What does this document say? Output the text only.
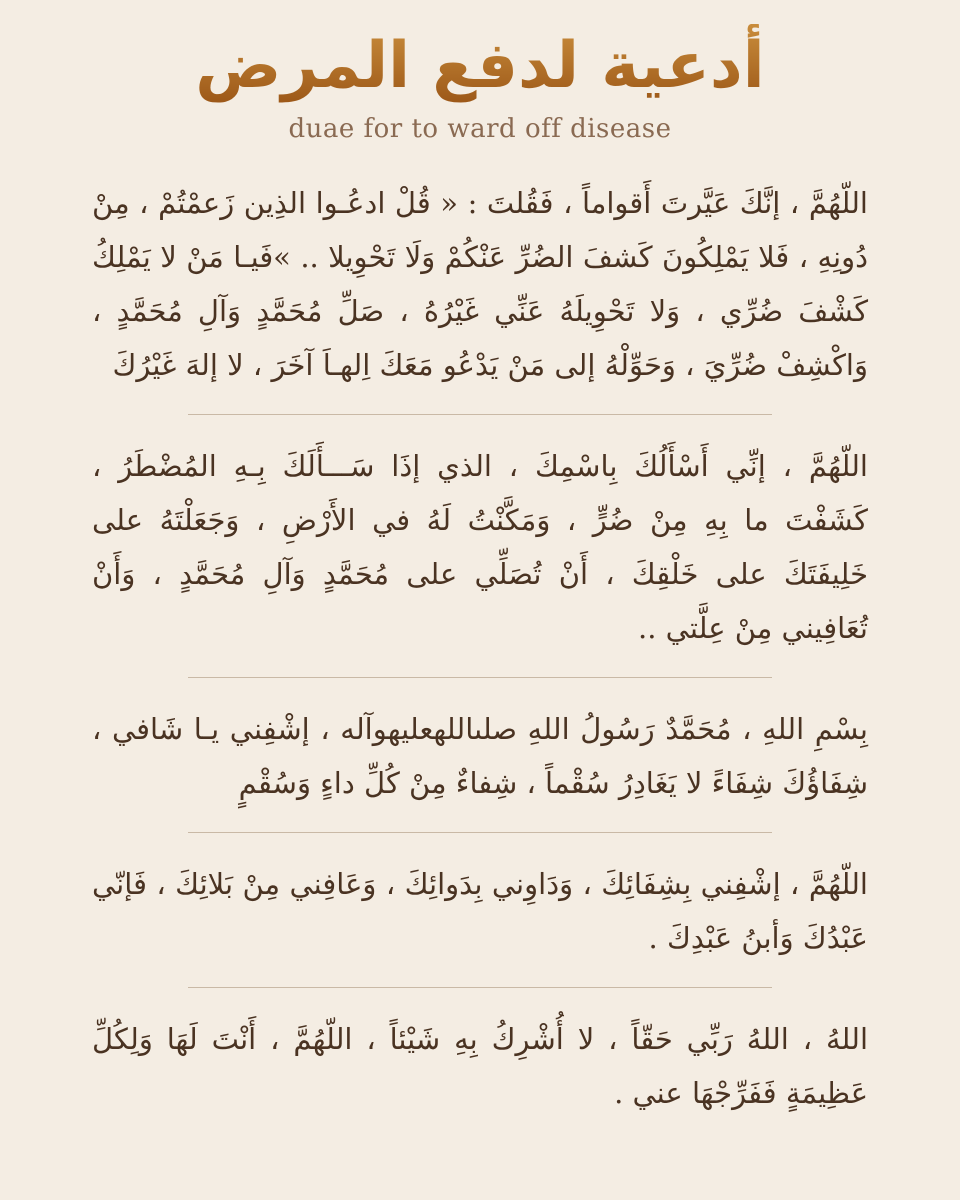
أدعية لدفع المرض
duae for to ward off disease

اللّهُمَّ ، إنَّكَ عَيَّرتَ أَقواماً ، فَقُلتَ : « قُلْ ادعُـوا الذِين زَعمْتُمْ ، مِنْ دُونِهِ ، فَلا يَمْلِكُونَ كَشفَ الضُرِّ عَنْكُمْ وَلَا تَحْوِيلا .. »فَيـا مَنْ لا يَمْلِكُ كَشْفَ ضُرِّي ، وَلا تَحْوِيلَهُ عَنِّي غَيْرُهُ ، صَلِّ مُحَمَّدٍ وَآلِ مُحَمَّدٍ ، وَاكْشِفْ ضُرِّيَ ، وَحَوِّلْهُ إلى مَنْ يَدْعُو مَعَكَ اِلهـاَ آخَرَ ، لا إلهَ غَيْرُكَ

اللّهُمَّ ، إنِّي أَسْأَلُكَ بِاسْمِكَ ، الذي إذَا سَـــأَلَكَ بِـهِ المُضْطَرُ ، كَشَفْتَ ما بِهِ مِنْ ضُرٍّ ، وَمَكَّنْتُ لَهُ في الأَرْضِ ، وَجَعَلْتَهُ على خَلِيفَتَكَ على خَلْقِكَ ، أَنْ تُصَلِّي على مُحَمَّدٍ وَآلِ مُحَمَّدٍ ، وَأَنْ تُعَافِيني مِنْ عِلَّتي ..

بِسْمِ اللهِ ، مُحَمَّدٌ رَسُولُ اللهِ صلىاللهعليهوآله ، إشْفِني يـا شَافي ، شِفَاؤُكَ شِفَاءً لا يَغَادِرُ سُقْماً ، شِفاءٌ مِنْ كُلِّ داءٍ وَسُقْمٍ

اللّهُمَّ ، إشْفِني بِشِفَائِكَ ، وَدَاوِني بِدَوائِكَ ، وَعَافِني مِنْ بَلائِكَ ، فَإنّي عَبْدُكَ وَأبنُ عَبْدِكَ .

اللهُ ، اللهُ رَبِّي حَقّاً ، لا أُشْرِكُ بِهِ شَيْئاً ، اللّهُمَّ ، أَنْتَ لَهَا وَلِكُلِّ عَظِيمَةٍ فَفَرِّجْهَا عني .
